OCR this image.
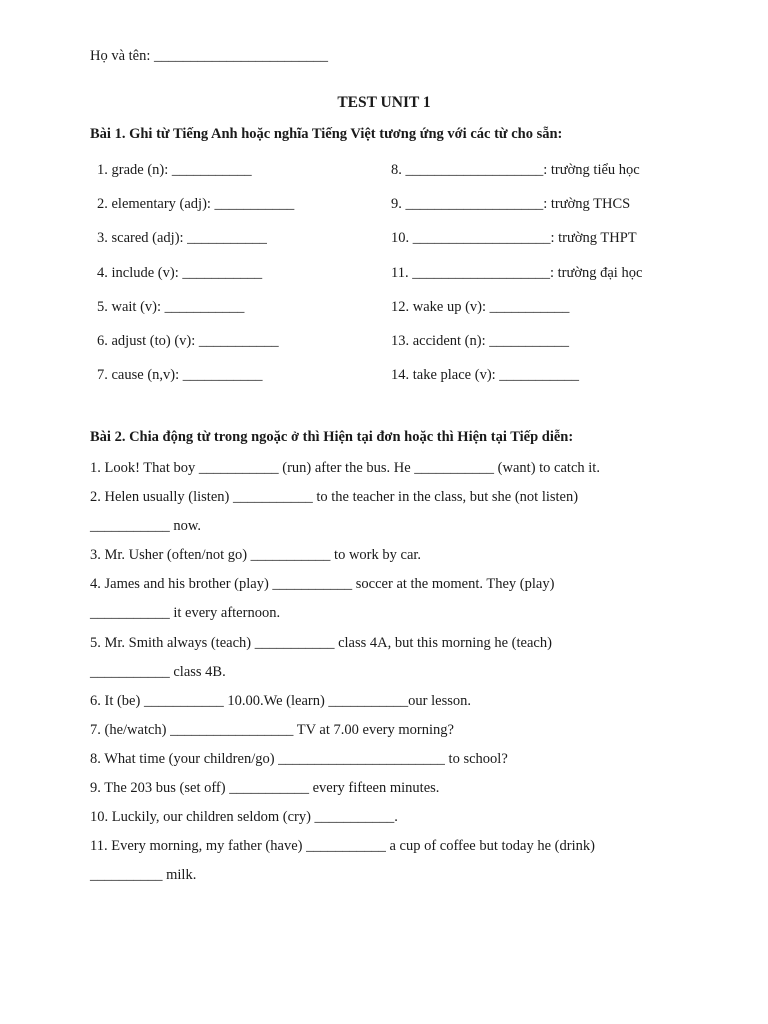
Họ và tên: ________________________
TEST UNIT 1
Bài 1. Ghi từ Tiếng Anh hoặc nghĩa Tiếng Việt tương ứng với các từ cho sẵn:
1. grade (n): ___________
2. elementary (adj): ___________
3. scared (adj): ___________
4. include (v): ___________
5. wait (v): ___________
6. adjust (to) (v): ___________
7. cause (n,v): ___________
8. ___________________: trường tiểu học
9. ___________________: trường THCS
10. ___________________: trường THPT
11. ___________________: trường đại học
12. wake up (v): ___________
13. accident (n): ___________
14. take place (v): ___________
Bài 2. Chia động từ trong ngoặc ở thì Hiện tại đơn hoặc thì Hiện tại Tiếp diễn:
1. Look! That boy ___________ (run) after the bus. He ___________ (want) to catch it.
2. Helen usually (listen) ___________ to the teacher in the class, but she (not listen)
___________ now.
3. Mr. Usher (often/not go) ___________ to work by car.
4. James and his brother (play) ___________ soccer at the moment. They (play)
___________ it every afternoon.
5. Mr. Smith always (teach) ___________ class 4A, but this morning he (teach)
___________ class 4B.
6. It (be) ___________ 10.00.We (learn) ___________our lesson.
7. (he/watch) _________________ TV at 7.00 every morning?
8. What time (your children/go) _______________________ to school?
9. The 203 bus (set off) ___________ every fifteen minutes.
10. Luckily, our children seldom (cry) ___________.
11. Every morning, my father (have) ___________ a cup of coffee but today he (drink)
__________ milk.
